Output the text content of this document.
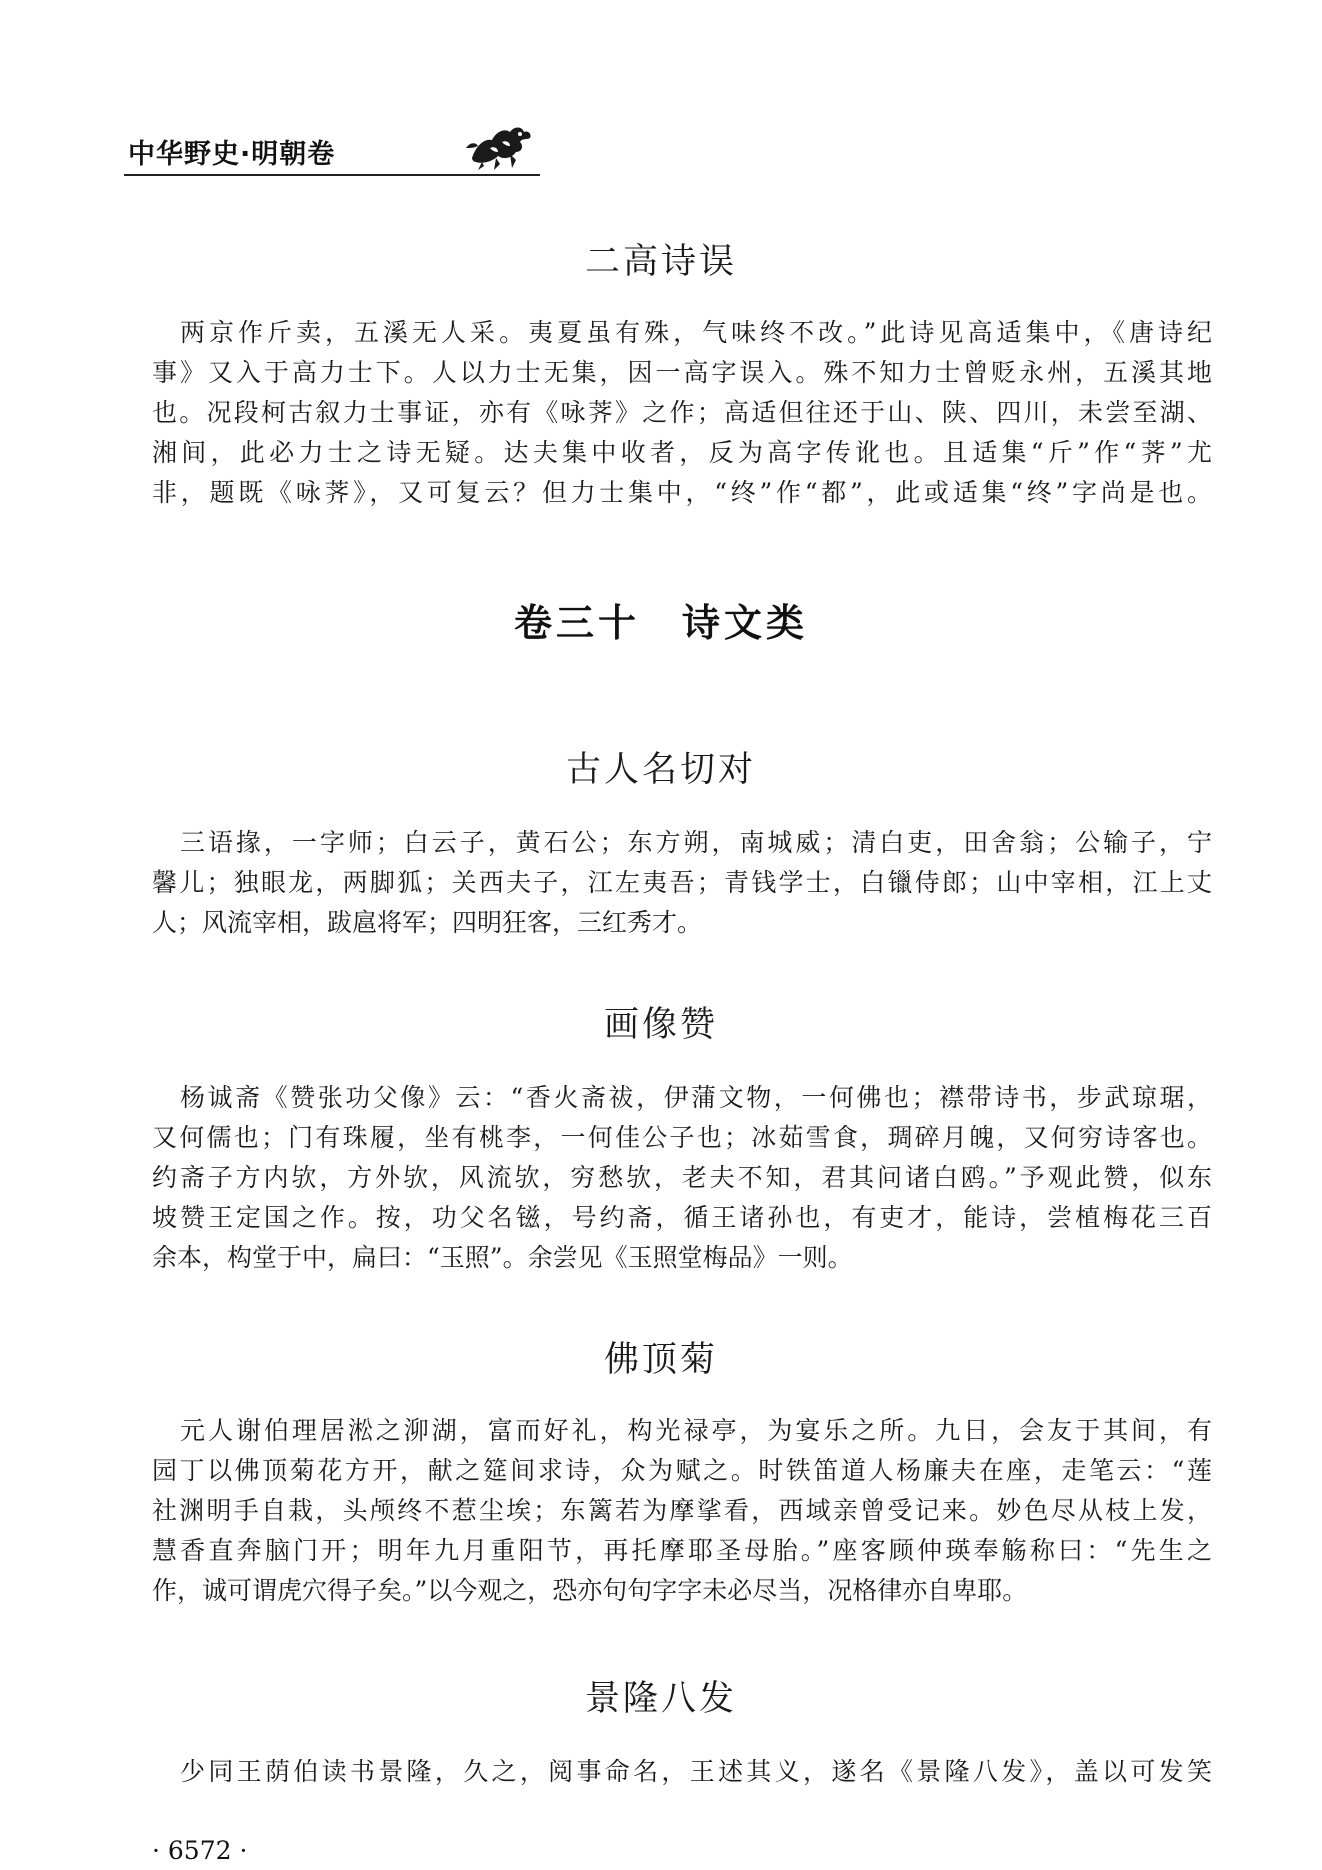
中华野史·明朝卷
二高诗误
两京作斤卖，五溪无人采。夷夏虽有殊，气味终不改。”此诗见高适集中，《唐诗纪
事》又入于高力士下。人以力士无集，因一高字误入。殊不知力士曾贬永州，五溪其地
也。况段柯古叙力士事证，亦有《咏荠》之作；高适但往还于山、陕、四川，未尝至湖、
湘间，此必力士之诗无疑。达夫集中收者，反为高字传讹也。且适集“斤”作“荠”尤
非，题既《咏荠》，又可复云？但力士集中，“终”作“都”，此或适集“终”字尚是也。
卷三十　诗文类
古人名切对
三语掾，一字师；白云子，黄石公；东方朔，南城威；清白吏，田舍翁；公输子，宁
馨儿；独眼龙，两脚狐；关西夫子，江左夷吾；青钱学士，白镴侍郎；山中宰相，江上丈
人；风流宰相，跋扈将军；四明狂客，三红秀才。
画像赞
杨诚斋《赞张功父像》云：“香火斋祓，伊蒲文物，一何佛也；襟带诗书，步武琼琚，
又何儒也；门有珠履，坐有桃李，一何佳公子也；冰茹雪食，琱碎月魄，又何穷诗客也。
约斋子方内欤，方外欤，风流欤，穷愁欤，老夫不知，君其问诸白鸥。”予观此赞，似东
坡赞王定国之作。按，功父名镃，号约斋，循王诸孙也，有吏才，能诗，尝植梅花三百
余本，构堂于中，扁曰：“玉照”。余尝见《玉照堂梅品》一则。
佛顶菊
元人谢伯理居淞之泖湖，富而好礼，构光禄亭，为宴乐之所。九日，会友于其间，有
园丁以佛顶菊花方开，献之筵间求诗，众为赋之。时铁笛道人杨廉夫在座，走笔云：“莲
社渊明手自栽，头颅终不惹尘埃；东篱若为摩挲看，西域亲曾受记来。妙色尽从枝上发，
慧香直奔脑门开；明年九月重阳节，再托摩耶圣母胎。”座客顾仲瑛奉觞称曰：“先生之
作，诚可谓虎穴得子矣。”以今观之，恐亦句句字字未必尽当，况格律亦自卑耶。
景隆八发
少同王荫伯读书景隆，久之，阅事命名，王述其义，遂名《景隆八发》，盖以可发笑
· 6572 ·
